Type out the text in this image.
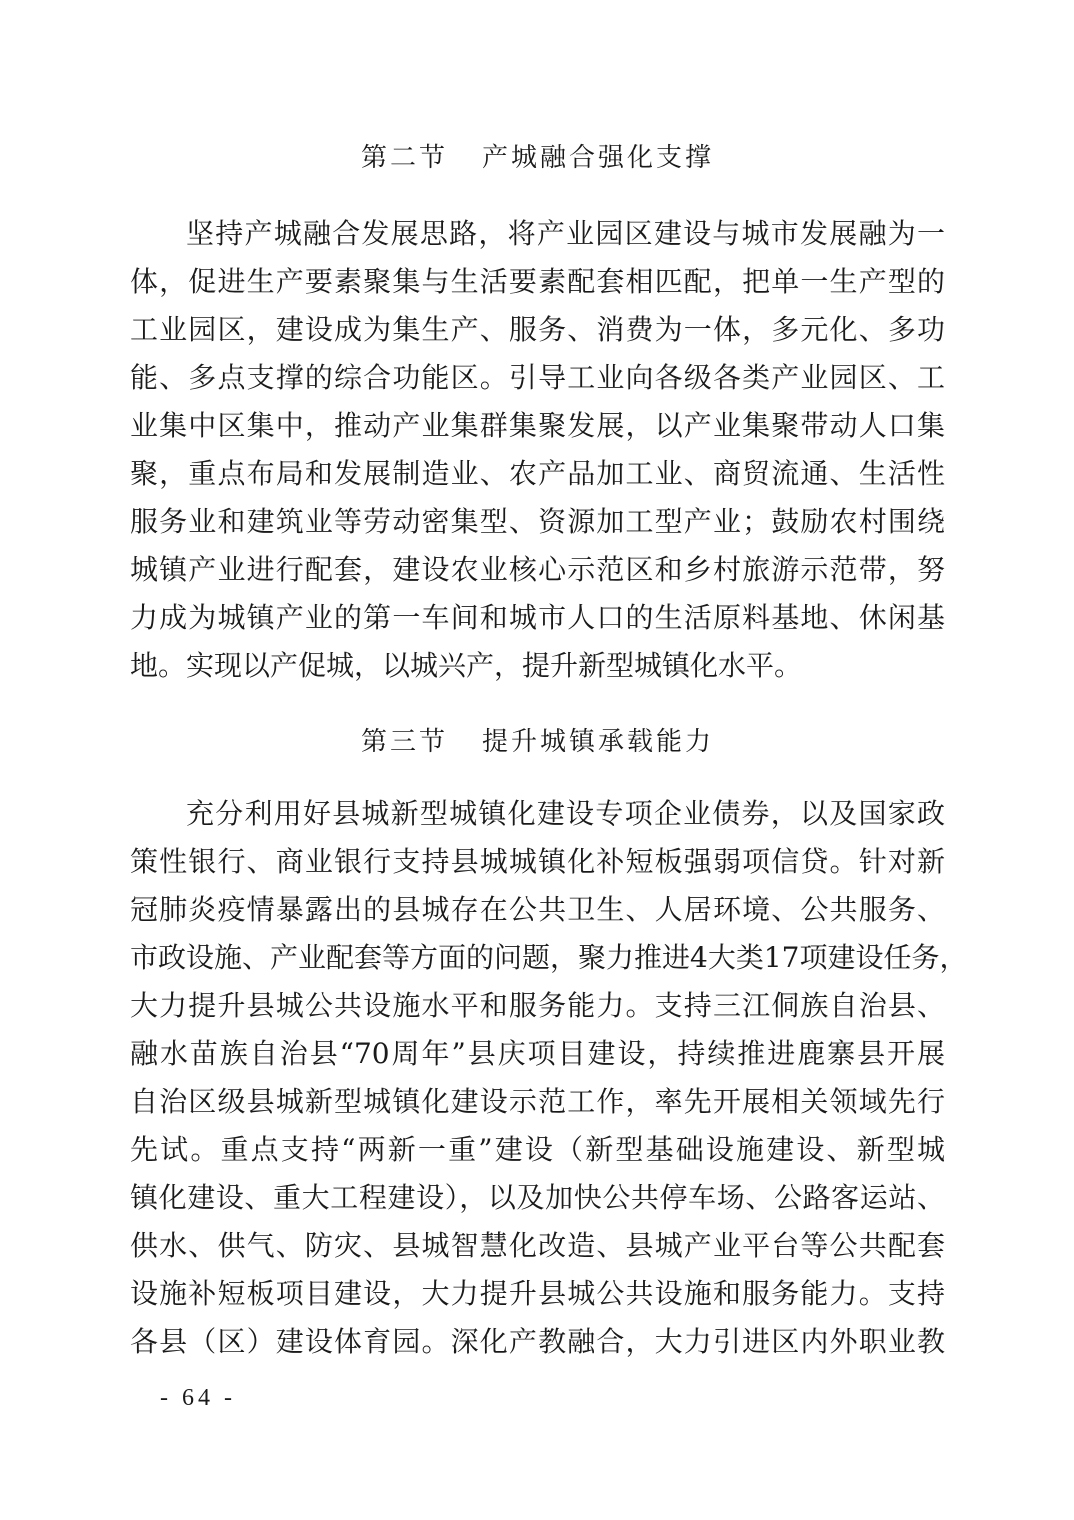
第二节 产城融合强化支撑
坚持产城融合发展思路，将产业园区建设与城市发展融为一
体，促进生产要素聚集与生活要素配套相匹配，把单一生产型的
工业园区，建设成为集生产、服务、消费为一体，多元化、多功
能、多点支撑的综合功能区。引导工业向各级各类产业园区、工
业集中区集中，推动产业集群集聚发展，以产业集聚带动人口集
聚，重点布局和发展制造业、农产品加工业、商贸流通、生活性
服务业和建筑业等劳动密集型、资源加工型产业；鼓励农村围绕
城镇产业进行配套，建设农业核心示范区和乡村旅游示范带，努
力成为城镇产业的第一车间和城市人口的生活原料基地、休闲基
地。实现以产促城，以城兴产，提升新型城镇化水平。
第三节 提升城镇承载能力
充分利用好县城新型城镇化建设专项企业债券，以及国家政
策性银行、商业银行支持县城城镇化补短板强弱项信贷。针对新
冠肺炎疫情暴露出的县城存在公共卫生、人居环境、公共服务、
市政设施、产业配套等方面的问题，聚力推进4大类17项建设任务，
大力提升县城公共设施水平和服务能力。支持三江侗族自治县、
融水苗族自治县“70周年”县庆项目建设，持续推进鹿寨县开展
自治区级县城新型城镇化建设示范工作，率先开展相关领域先行
先试。重点支持“两新一重”建设（新型基础设施建设、新型城
镇化建设、重大工程建设），以及加快公共停车场、公路客运站、
供水、供气、防灾、县城智慧化改造、县城产业平台等公共配套
设施补短板项目建设，大力提升县城公共设施和服务能力。支持
各县（区）建设体育园。深化产教融合，大力引进区内外职业教
- 64 -
